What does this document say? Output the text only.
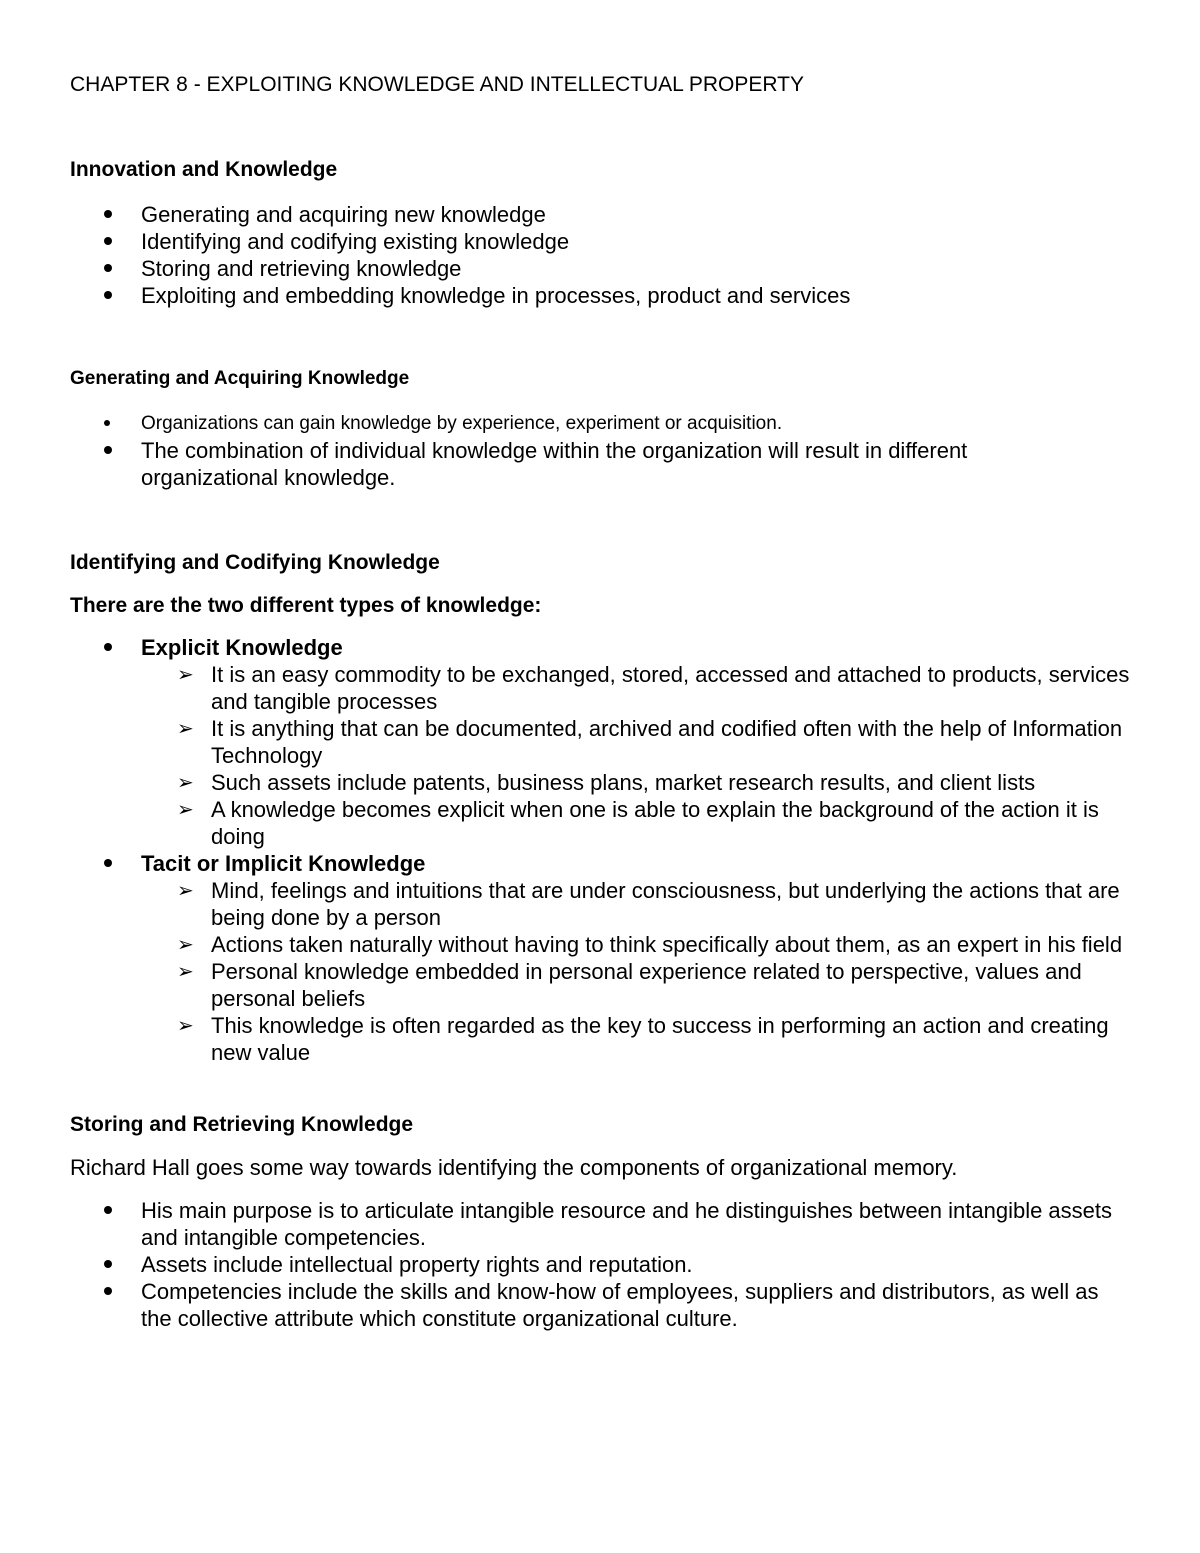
CHAPTER 8 - EXPLOITING KNOWLEDGE AND INTELLECTUAL PROPERTY
Innovation and Knowledge
Generating and acquiring new knowledge
Identifying and codifying existing knowledge
Storing and retrieving knowledge
Exploiting and embedding knowledge in processes, product and services
Generating and Acquiring Knowledge
Organizations can gain knowledge by experience, experiment or acquisition.
The combination of individual knowledge within the organization will result in different organizational knowledge.
Identifying and Codifying Knowledge
There are the two different types of knowledge:
Explicit Knowledge
➢ It is an easy commodity to be exchanged, stored, accessed and attached to products, services and tangible processes
➢ It is anything that can be documented, archived and codified often with the help of Information Technology
➢ Such assets include patents, business plans, market research results, and client lists
➢ A knowledge becomes explicit when one is able to explain the background of the action it is doing
Tacit or Implicit Knowledge
➢ Mind, feelings and intuitions that are under consciousness, but underlying the actions that are being done by a person
➢ Actions taken naturally without having to think specifically about them, as an expert in his field
➢ Personal knowledge embedded in personal experience related to perspective, values and personal beliefs
➢ This knowledge is often regarded as the key to success in performing an action and creating new value
Storing and Retrieving Knowledge
Richard Hall goes some way towards identifying the components of organizational memory.
His main purpose is to articulate intangible resource and he distinguishes between intangible assets and intangible competencies.
Assets include intellectual property rights and reputation.
Competencies include the skills and know-how of employees, suppliers and distributors, as well as the collective attribute which constitute organizational culture.
